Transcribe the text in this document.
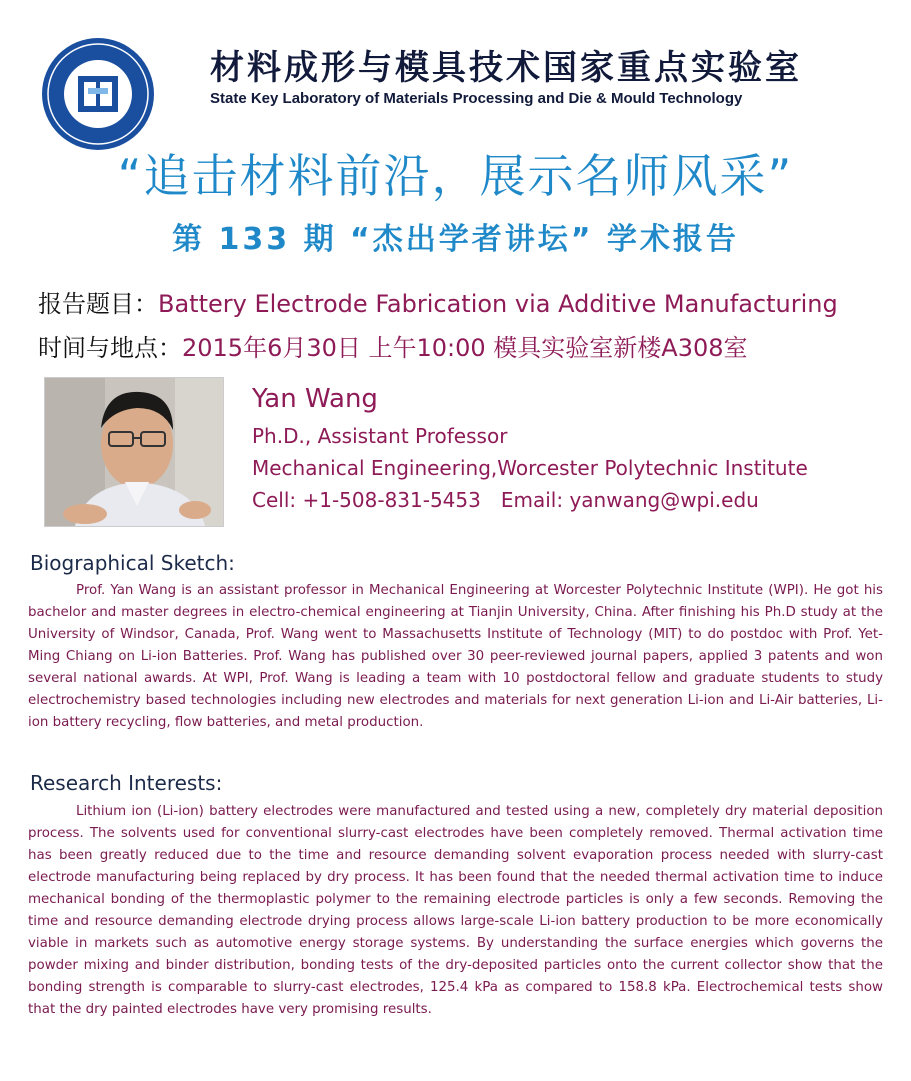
材料成形与模具技术国家重点实验室
State Key Laboratory of Materials Processing and Die & Mould Technology
“追击材料前沿，展示名师风采”
第 133 期 “杰出学者讲坛” 学术报告
报告题目：Battery Electrode Fabrication via Additive Manufacturing
时间与地点：2015年6月30日 上午10:00 模具实验室新楼A308室
Yan Wang
Ph.D., Assistant Professor
Mechanical Engineering,Worcester Polytechnic Institute
Cell: +1-508-831-5453 Email: yanwang@wpi.edu
Biographical Sketch:

Prof. Yan Wang is an assistant professor in Mechanical Engineering at Worcester Polytechnic Institute (WPI). He got his bachelor and master degrees in electro-chemical engineering at Tianjin University, China. After finishing his Ph.D study at the University of Windsor, Canada, Prof. Wang went to Massachusetts Institute of Technology (MIT) to do postdoc with Prof. Yet-Ming Chiang on Li-ion Batteries. Prof. Wang has published over 30 peer-reviewed journal papers, applied 3 patents and won several national awards. At WPI, Prof. Wang is leading a team with 10 postdoctoral fellow and graduate students to study electrochemistry based technologies including new electrodes and materials for next generation Li-ion and Li-Air batteries, Li-ion battery recycling, flow batteries, and metal production.

Research Interests:

Lithium ion (Li-ion) battery electrodes were manufactured and tested using a new, completely dry material deposition process. The solvents used for conventional slurry-cast electrodes have been completely removed. Thermal activation time has been greatly reduced due to the time and resource demanding solvent evaporation process needed with slurry-cast electrode manufacturing being replaced by dry process. It has been found that the needed thermal activation time to induce mechanical bonding of the thermoplastic polymer to the remaining electrode particles is only a few seconds. Removing the time and resource demanding electrode drying process allows large-scale Li-ion battery production to be more economically viable in markets such as automotive energy storage systems. By understanding the surface energies which governs the powder mixing and binder distribution, bonding tests of the dry-deposited particles onto the current collector show that the bonding strength is comparable to slurry-cast electrodes, 125.4 kPa as compared to 158.8 kPa. Electrochemical tests show that the dry painted electrodes have very promising results.
